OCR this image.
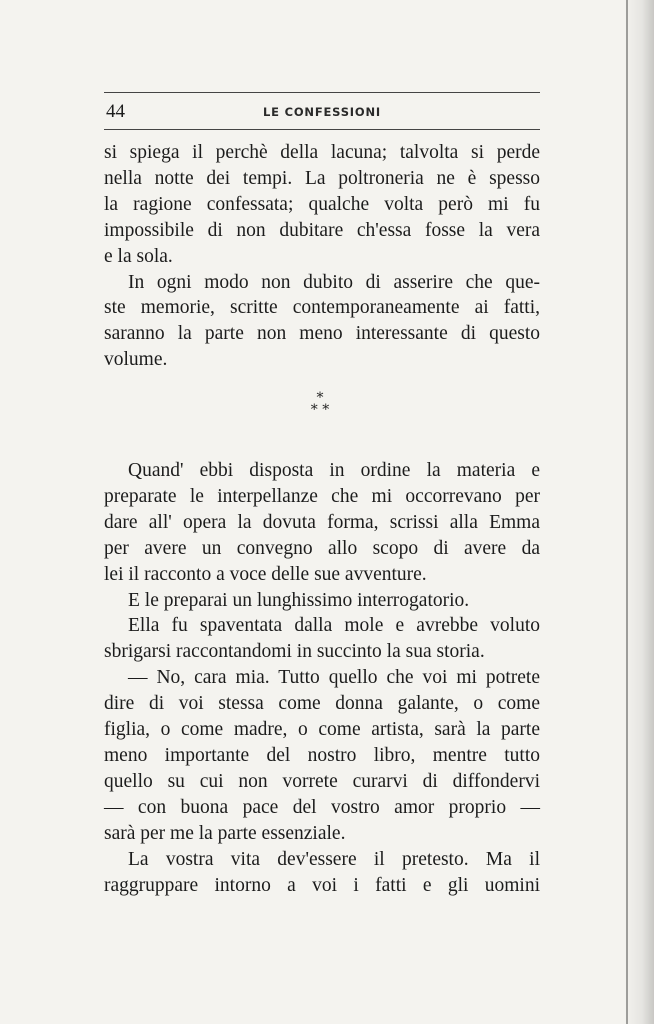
44	LE CONFESSIONI

si spiega il perchè della lacuna; talvolta si perde
nella notte dei tempi. La poltroneria ne è spesso
la ragione confessata; qualche volta però mi fu
impossibile di non dubitare ch'essa fosse la vera
e la sola.

In ogni modo non dubito di asserire che que-
ste memorie, scritte contemporaneamente ai fatti,
saranno la parte non meno interessante di questo
volume.

*
* *

Quand' ebbi disposta in ordine la materia e
preparate le interpellanze che mi occorrevano per
dare all' opera la dovuta forma, scrissi alla Emma
per avere un convegno allo scopo di avere da
lei il racconto a voce delle sue avventure.

E le preparai un lunghissimo interrogatorio.

Ella fu spaventata dalla mole e avrebbe voluto
sbrigarsi raccontandomi in succinto la sua storia.

— No, cara mia. Tutto quello che voi mi potrete
dire di voi stessa come donna galante, o come
figlia, o come madre, o come artista, sarà la parte
meno importante del nostro libro, mentre tutto
quello su cui non vorrete curarvi di diffondervi
— con buona pace del vostro amor proprio —
sarà per me la parte essenziale.

La vostra vita dev'essere il pretesto. Ma il
raggruppare intorno a voi i fatti e gli uomini
